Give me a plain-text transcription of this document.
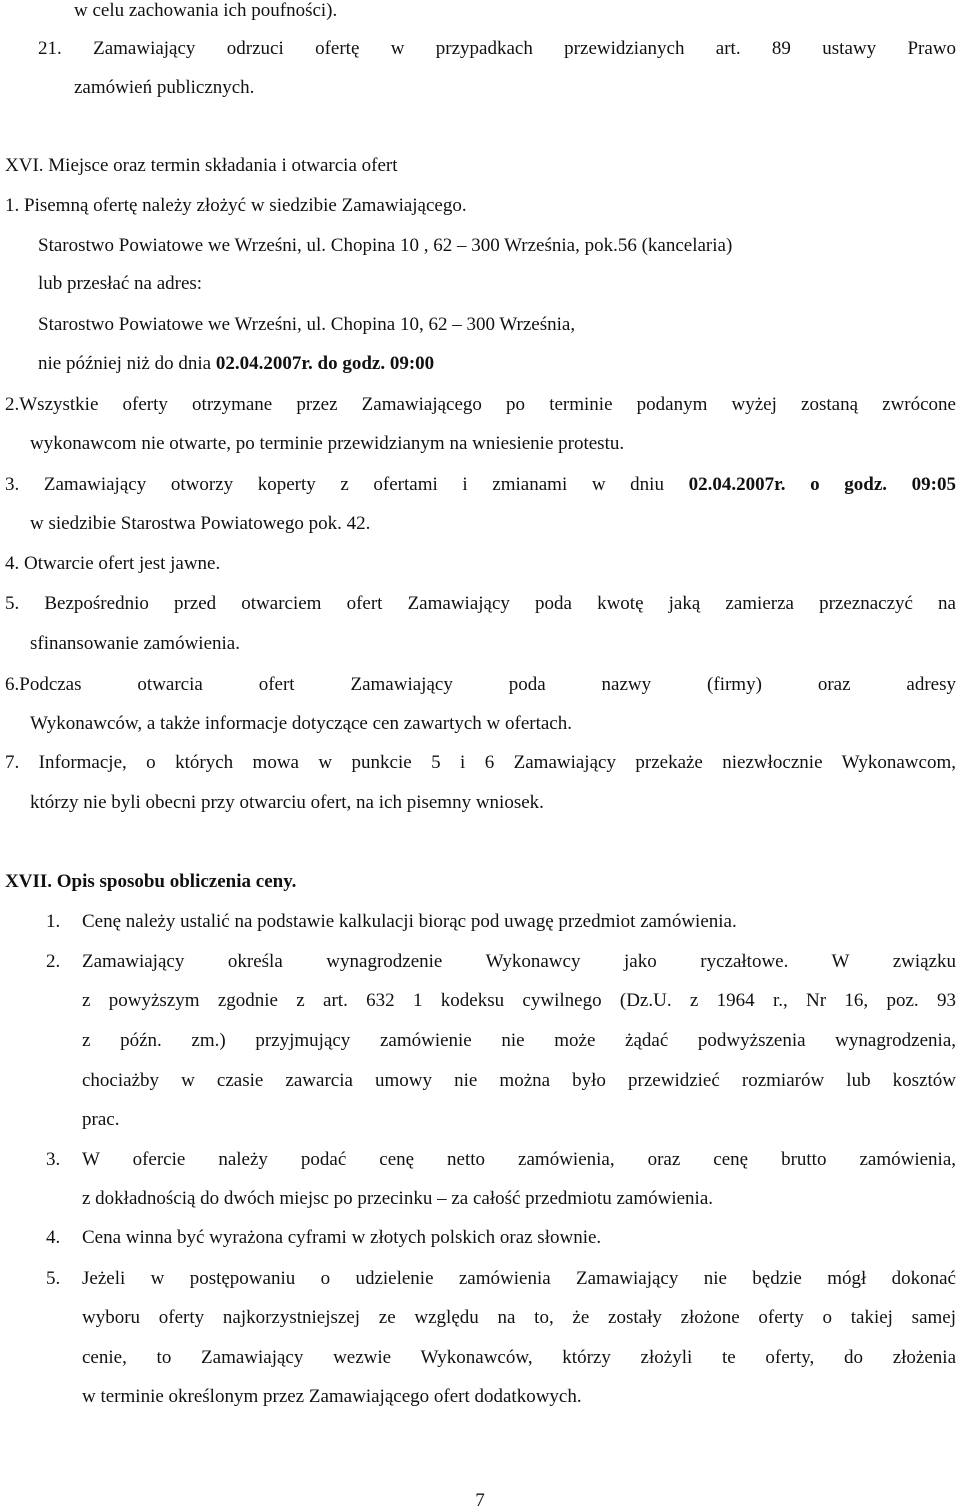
w celu zachowania ich poufności).

21. Zamawiający odrzuci ofertę w przypadkach przewidzianych art. 89 ustawy Prawo

zamówień publicznych.

XVI. Miejsce oraz termin składania i otwarcia ofert

1. Pisemną ofertę należy złożyć w siedzibie Zamawiającego.

Starostwo Powiatowe we Wrześni, ul. Chopina 10 , 62 – 300 Września, pok.56 (kancelaria)

lub przesłać na adres:

Starostwo Powiatowe we Wrześni, ul. Chopina 10, 62 – 300 Września,

nie później niż do dnia 02.04.2007r. do godz. 09:00

2.Wszystkie oferty otrzymane przez Zamawiającego po terminie podanym wyżej zostaną zwrócone

wykonawcom nie otwarte, po terminie przewidzianym na wniesienie protestu.

3. Zamawiający otworzy koperty z ofertami i zmianami w dniu 02.04.2007r. o godz. 09:05

w siedzibie Starostwa Powiatowego pok. 42.

4. Otwarcie ofert jest jawne.

5. Bezpośrednio przed otwarciem ofert Zamawiający poda kwotę jaką zamierza przeznaczyć na

sfinansowanie zamówienia.

6.Podczas otwarcia ofert Zamawiający poda nazwy (firmy) oraz adresy

Wykonawców, a także informacje dotyczące cen zawartych w ofertach.

7. Informacje, o których mowa w punkcie 5 i 6 Zamawiający przekaże niezwłocznie Wykonawcom,

którzy nie byli obecni przy otwarciu ofert, na ich pisemny wniosek.

XVII. Opis sposobu obliczenia ceny.

1. Cenę należy ustalić na podstawie kalkulacji biorąc pod uwagę przedmiot zamówienia.

2. Zamawiający określa wynagrodzenie Wykonawcy jako ryczałtowe. W związku

z powyższym zgodnie z art. 632 1 kodeksu cywilnego (Dz.U. z 1964 r., Nr 16, poz. 93

z późn. zm.) przyjmujący zamówienie nie może żądać podwyższenia wynagrodzenia,

chociażby w czasie zawarcia umowy nie można było przewidzieć rozmiarów lub kosztów

prac.

3. W ofercie należy podać cenę netto zamówienia, oraz cenę brutto zamówienia,

z dokładnością do dwóch miejsc po przecinku – za całość przedmiotu zamówienia.

4. Cena winna być wyrażona cyframi w złotych polskich oraz słownie.

5. Jeżeli w postępowaniu o udzielenie zamówienia Zamawiający nie będzie mógł dokonać

wyboru oferty najkorzystniejszej ze względu na to, że zostały złożone oferty o takiej samej

cenie, to Zamawiający wezwie Wykonawców, którzy złożyli te oferty, do złożenia

w terminie określonym przez Zamawiającego ofert dodatkowych.

7
